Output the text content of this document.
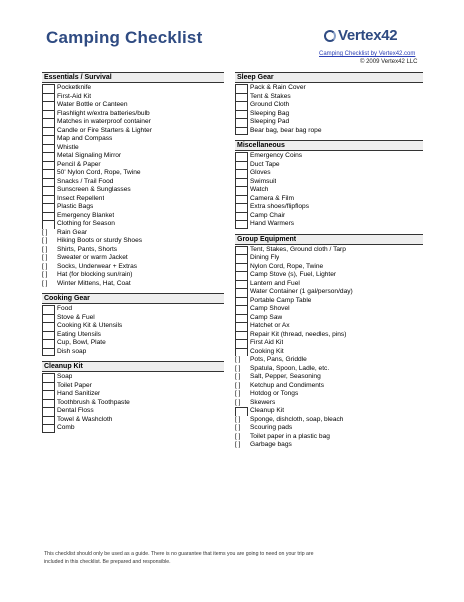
Camping Checklist	Vertex42
Camping Checklist by Vertex42.com
© 2009 Vertex42 LLC
Essentials / Survival
Pocketknife
First-Aid Kit
Water Bottle or Canteen
Flashlight w/extra batteries/bulb
Matches in waterproof container
Candle or Fire Starters & Lighter
Map and Compass
Whistle
Metal Signaling Mirror
Pencil & Paper
50' Nylon Cord, Rope, Twine
Snacks / Trail Food
Sunscreen & Sunglasses
Insect Repellent
Plastic Bags
Emergency Blanket
Clothing for Season
[ ]	Rain Gear
[ ]	Hiking Boots or sturdy Shoes
[ ]	Shirts, Pants, Shorts
[ ]	Sweater or warm Jacket
[ ]	Socks, Underwear + Extras
[ ]	Hat (for blocking sun/rain)
[ ]	Winter Mittens, Hat, Coat
Cooking Gear
Food
Stove & Fuel
Cooking Kit & Utensils
Eating Utensils
Cup, Bowl, Plate
Dish soap
Cleanup Kit
Soap
Toilet Paper
Hand Sanitizer
Toothbrush & Toothpaste
Dental Floss
Towel & Washcloth
Comb
Sleep Gear
Pack & Rain Cover
Tent & Stakes
Ground Cloth
Sleeping Bag
Sleeping Pad
Bear bag, bear bag rope
Miscellaneous
Emergency Coins
Duct Tape
Gloves
Swimsuit
Watch
Camera & Film
Extra shoes/flipflops
Camp Chair
Hand Warmers
Group Equipment
Tent, Stakes, Ground cloth / Tarp
Dining Fly
Nylon Cord, Rope, Twine
Camp Stove (s), Fuel, Lighter
Lantern and Fuel
Water Container (1 gal/person/day)
Portable Camp Table
Camp Shovel
Camp Saw
Hatchet or Ax
Repair Kit (thread, needles, pins)
First Aid Kit
Cooking Kit
[ ]	Pots, Pans, Griddle
[ ]	Spatula, Spoon, Ladle, etc.
[ ]	Salt, Pepper, Seasoning
[ ]	Ketchup and Condiments
[ ]	Hotdog or Tongs
[ ]	Skewers
Cleanup Kit
[ ]	Sponge, dishcloth, soap, bleach
[ ]	Scouring pads
[ ]	Toilet paper in a plastic bag
[ ]	Garbage bags
This checklist should only be used as a guide. There is no guarantee that items you are going to need on your trip are
included in this checklist. Be prepared and responsible.
